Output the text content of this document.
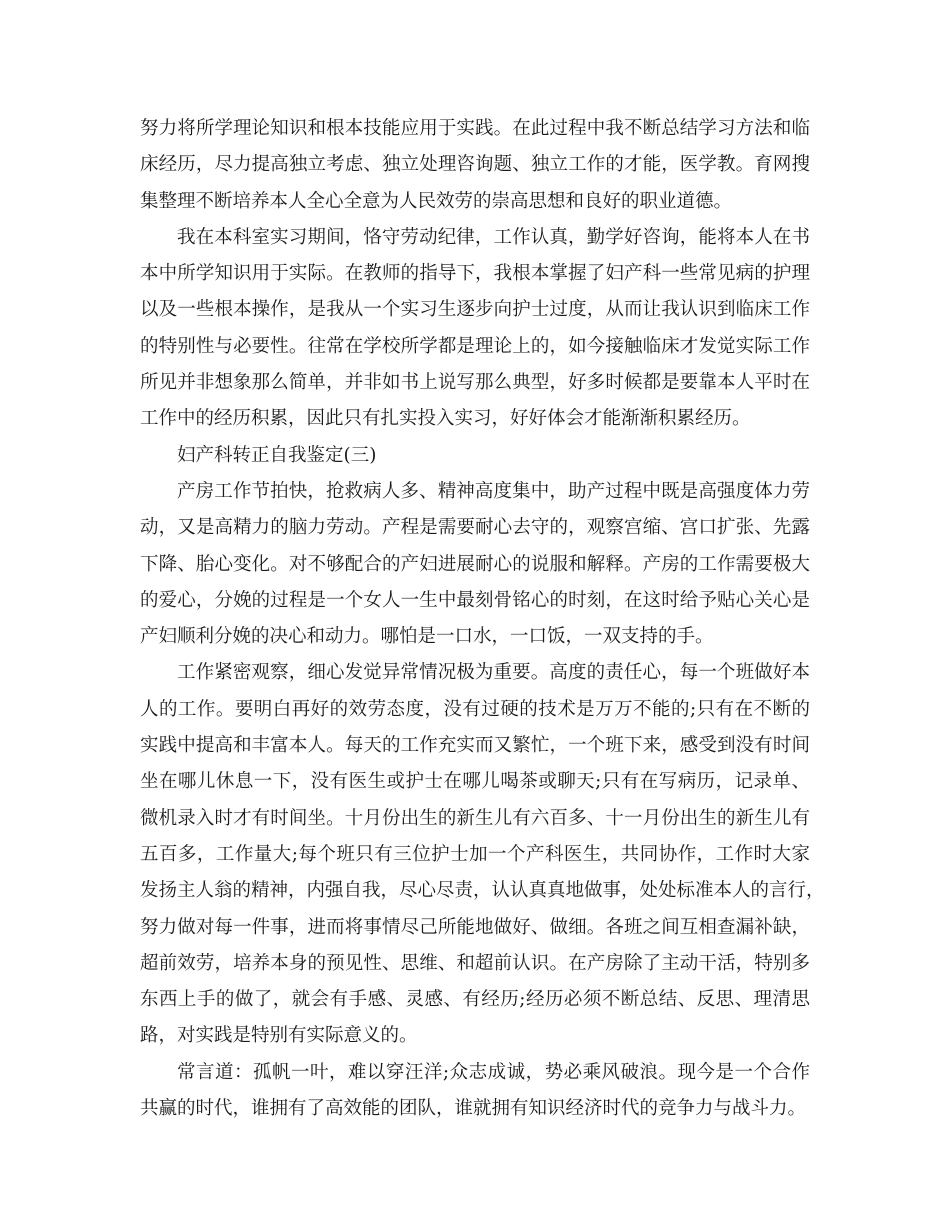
努力将所学理论知识和根本技能应用于实践。在此过程中我不断总结学习方法和临
床经历，尽力提高独立考虑、独立处理咨询题、独立工作的才能，医学教。育网搜
集整理不断培养本人全心全意为人民效劳的崇高思想和良好的职业道德。
我在本科室实习期间，恪守劳动纪律，工作认真，勤学好咨询，能将本人在书
本中所学知识用于实际。在教师的指导下，我根本掌握了妇产科一些常见病的护理
以及一些根本操作，是我从一个实习生逐步向护士过度，从而让我认识到临床工作
的特别性与必要性。往常在学校所学都是理论上的，如今接触临床才发觉实际工作
所见并非想象那么简单，并非如书上说写那么典型，好多时候都是要靠本人平时在
工作中的经历积累，因此只有扎实投入实习，好好体会才能渐渐积累经历。
妇产科转正自我鉴定(三)
产房工作节拍快，抢救病人多、精神高度集中，助产过程中既是高强度体力劳
动，又是高精力的脑力劳动。产程是需要耐心去守的，观察宫缩、宫口扩张、先露
下降、胎心变化。对不够配合的产妇进展耐心的说服和解释。产房的工作需要极大
的爱心，分娩的过程是一个女人一生中最刻骨铭心的时刻，在这时给予贴心关心是
产妇顺利分娩的决心和动力。哪怕是一口水，一口饭，一双支持的手。
工作紧密观察，细心发觉异常情况极为重要。高度的责任心，每一个班做好本
人的工作。要明白再好的效劳态度，没有过硬的技术是万万不能的;只有在不断的
实践中提高和丰富本人。每天的工作充实而又繁忙，一个班下来，感受到没有时间
坐在哪儿休息一下，没有医生或护士在哪儿喝茶或聊天;只有在写病历，记录单、
微机录入时才有时间坐。十月份出生的新生儿有六百多、十一月份出生的新生儿有
五百多，工作量大;每个班只有三位护士加一个产科医生，共同协作，工作时大家
发扬主人翁的精神，内强自我，尽心尽责，认认真真地做事，处处标准本人的言行，
努力做对每一件事，进而将事情尽己所能地做好、做细。各班之间互相查漏补缺，
超前效劳，培养本身的预见性、思维、和超前认识。在产房除了主动干活，特别多
东西上手的做了，就会有手感、灵感、有经历;经历必须不断总结、反思、理清思
路，对实践是特别有实际意义的。
常言道：孤帆一叶，难以穿汪洋;众志成诚，势必乘风破浪。现今是一个合作
共赢的时代，谁拥有了高效能的团队，谁就拥有知识经济时代的竞争力与战斗力。
